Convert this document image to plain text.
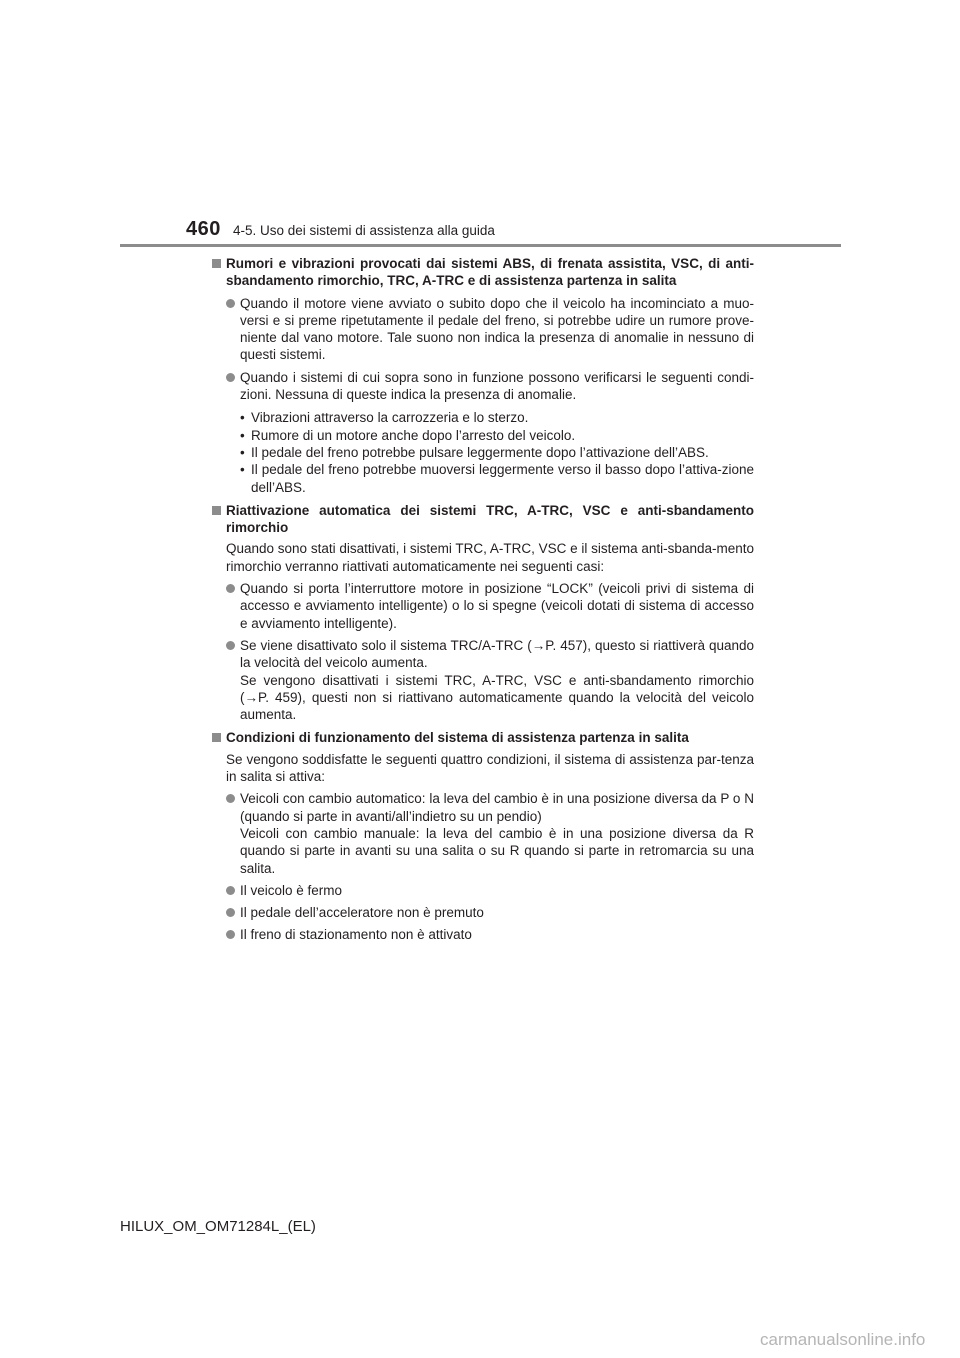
460 4-5. Uso dei sistemi di assistenza alla guida
Rumori e vibrazioni provocati dai sistemi ABS, di frenata assistita, VSC, di anti-sbandamento rimorchio, TRC, A-TRC e di assistenza partenza in salita
Quando il motore viene avviato o subito dopo che il veicolo ha incominciato a muo-versi e si preme ripetutamente il pedale del freno, si potrebbe udire un rumore prove-niente dal vano motore. Tale suono non indica la presenza di anomalie in nessuno di questi sistemi.
Quando i sistemi di cui sopra sono in funzione possono verificarsi le seguenti condi-zioni. Nessuna di queste indica la presenza di anomalie.
• Vibrazioni attraverso la carrozzeria e lo sterzo.
• Rumore di un motore anche dopo l’arresto del veicolo.
• Il pedale del freno potrebbe pulsare leggermente dopo l’attivazione dell’ABS.
• Il pedale del freno potrebbe muoversi leggermente verso il basso dopo l’attiva-zione dell’ABS.
Riattivazione automatica dei sistemi TRC, A-TRC, VSC e anti-sbandamento rimorchio
Quando sono stati disattivati, i sistemi TRC, A-TRC, VSC e il sistema anti-sbanda-mento rimorchio verranno riattivati automaticamente nei seguenti casi:
Quando si porta l’interruttore motore in posizione “LOCK” (veicoli privi di sistema di accesso e avviamento intelligente) o lo si spegne (veicoli dotati di sistema di accesso e avviamento intelligente).
Se viene disattivato solo il sistema TRC/A-TRC (→P. 457), questo si riattiverà quando la velocità del veicolo aumenta.
Se vengono disattivati i sistemi TRC, A-TRC, VSC e anti-sbandamento rimorchio (→P. 459), questi non si riattivano automaticamente quando la velocità del veicolo aumenta.
Condizioni di funzionamento del sistema di assistenza partenza in salita
Se vengono soddisfatte le seguenti quattro condizioni, il sistema di assistenza par-tenza in salita si attiva:
Veicoli con cambio automatico: la leva del cambio è in una posizione diversa da P o N (quando si parte in avanti/all’indietro su un pendio)
Veicoli con cambio manuale: la leva del cambio è in una posizione diversa da R quando si parte in avanti su una salita o su R quando si parte in retromarcia su una salita.
Il veicolo è fermo
Il pedale dell’acceleratore non è premuto
Il freno di stazionamento non è attivato
HILUX_OM_OM71284L_(EL)
carmanualsonline.info
